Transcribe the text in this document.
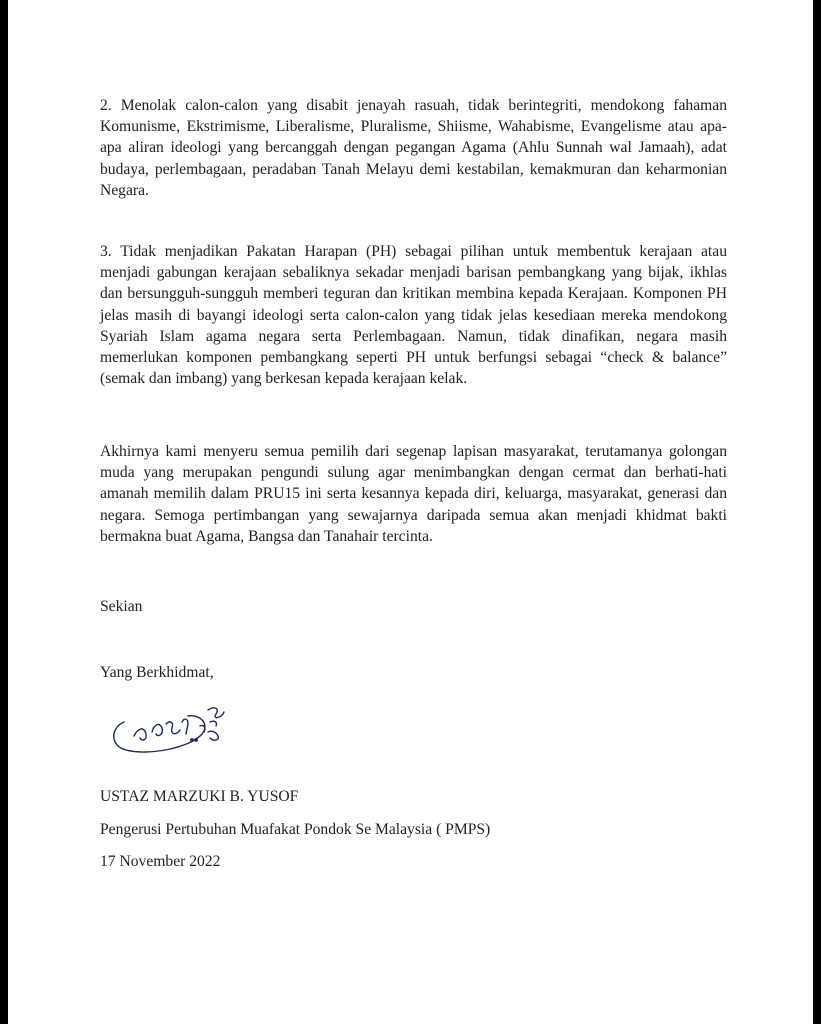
2. Menolak calon-calon yang disabit jenayah rasuah, tidak berintegriti, mendokong fahaman Komunisme, Ekstrimisme, Liberalisme, Pluralisme, Shiisme, Wahabisme, Evangelisme atau apa-apa aliran ideologi yang bercanggah dengan pegangan Agama (Ahlu Sunnah wal Jamaah), adat budaya, perlembagaan, peradaban Tanah Melayu demi kestabilan, kemakmuran dan keharmonian Negara.

3. Tidak menjadikan Pakatan Harapan (PH) sebagai pilihan untuk membentuk kerajaan atau menjadi gabungan kerajaan sebaliknya sekadar menjadi barisan pembangkang yang bijak, ikhlas dan bersungguh-sungguh memberi teguran dan kritikan membina kepada Kerajaan. Komponen PH jelas masih di bayangi ideologi serta calon-calon yang tidak jelas kesediaan mereka mendokong Syariah Islam agama negara serta Perlembagaan. Namun, tidak dinafikan, negara masih memerlukan komponen pembangkang seperti PH untuk berfungsi sebagai “check & balance” (semak dan imbang) yang berkesan kepada kerajaan kelak.

Akhirnya kami menyeru semua pemilih dari segenap lapisan masyarakat, terutamanya golongan muda yang merupakan pengundi sulung agar menimbangkan dengan cermat dan berhati-hati amanah memilih dalam PRU15 ini serta kesannya kepada diri, keluarga, masyarakat, generasi dan negara. Semoga pertimbangan yang sewajarnya daripada semua akan menjadi khidmat bakti bermakna buat Agama, Bangsa dan Tanahair tercinta.

Sekian

Yang Berkhidmat,

USTAZ MARZUKI B. YUSOF

Pengerusi Pertubuhan Muafakat Pondok Se Malaysia ( PMPS)

17 November 2022
